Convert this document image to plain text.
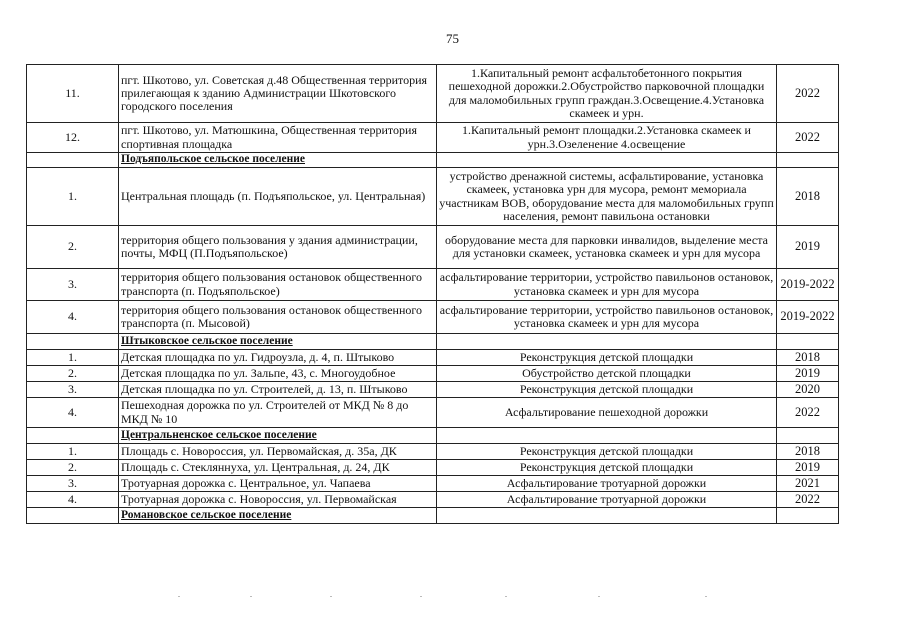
75
11.	пгт. Шкотово, ул. Советская д.48 Общественная территория прилегающая к зданию Администрации Шкотовского городского поселения	1.Капитальный ремонт асфальтобетонного покрытия пешеходной дорожки.2.Обустройство парковочной площадки для маломобильных групп граждан.3.Освещение.4.Установка скамеек и урн.	2022
12.	пгт. Шкотово, ул. Матюшкина, Общественная территория спортивная площадка	1.Капитальный ремонт площадки.2.Установка скамеек и урн.3.Озеленение 4.освещение	2022
	Подъяпольское сельское поселение		
1.	Центральная площадь (п. Подъяпольское, ул. Центральная)	устройство дренажной системы, асфальтирование, установка скамеек, установка урн для мусора, ремонт мемориала участникам ВОВ, оборудование места для маломобильных групп населения, ремонт павильона остановки	2018
2.	территория общего пользования у здания администрации, почты, МФЦ (П.Подъяпольское)	оборудование места для парковки инвалидов, выделение места для установки скамеек, установка скамеек и урн для мусора	2019
3.	территория общего пользования остановок общественного транспорта (п. Подъяпольское)	асфальтирование территории, устройство павильонов остановок, установка скамеек и урн для мусора	2019-2022
4.	территория общего пользования остановок общественного транспорта (п. Мысовой)	асфальтирование территории, устройство павильонов остановок, установка скамеек и урн для мусора	2019-2022
	Штыковское сельское поселение		
1.	Детская площадка по ул. Гидроузла, д. 4, п. Штыково	Реконструкция детской площадки	2018
2.	Детская площадка по ул. Зальпе, 43, с. Многоудобное	Обустройство детской площадки	2019
3.	Детская площадка по ул. Строителей, д. 13, п. Штыково	Реконструкция детской площадки	2020
4.	Пешеходная дорожка по ул. Строителей от МКД № 8 до МКД № 10	Асфальтирование пешеходной дорожки	2022
	Центральненское сельское поселение		
1.	Площадь с. Новороссия, ул. Первомайская, д. 35а, ДК	Реконструкция детской площадки	2018
2.	Площадь с. Стекляннуха, ул. Центральная, д. 24, ДК	Реконструкция детской площадки	2019
3.	Тротуарная дорожка с. Центральное, ул. Чапаева	Асфальтирование тротуарной дорожки	2021
4.	Тротуарная дорожка с. Новороссия, ул. Первомайская	Асфальтирование тротуарной дорожки	2022
	Романовское сельское поселение		
